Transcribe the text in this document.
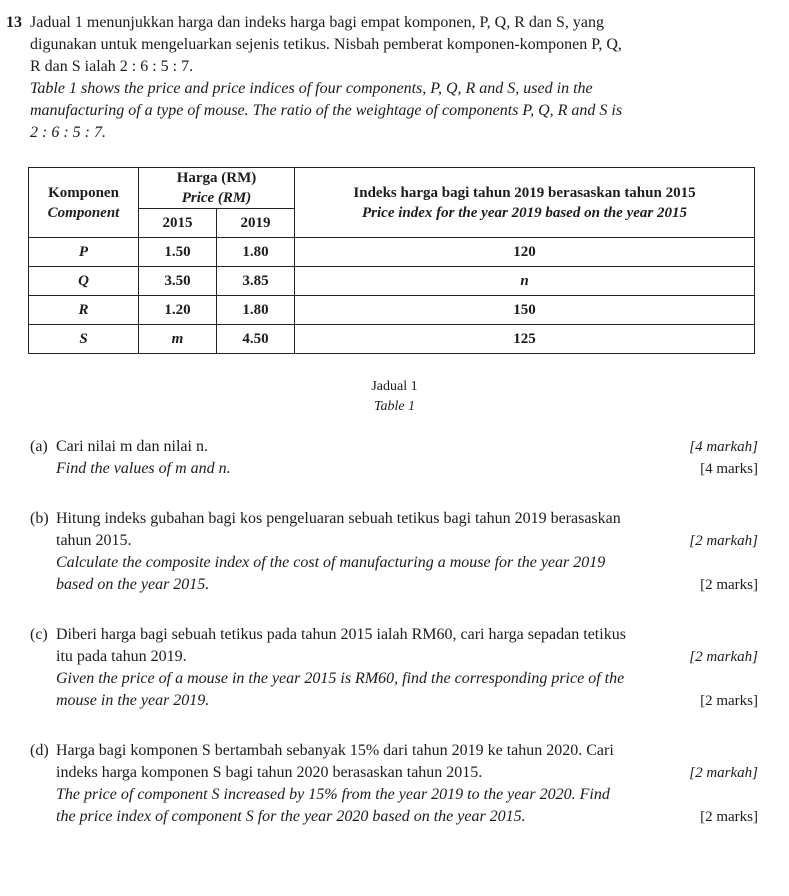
13 Jadual 1 menunjukkan harga dan indeks harga bagi empat komponen, P, Q, R dan S, yang

digunakan untuk mengeluarkan sejenis tetikus. Nisbah pemberat komponen-komponen P, Q,

R dan S ialah 2 : 6 : 5 : 7.

Table 1 shows the price and price indices of four components, P, Q, R and S, used in the

manufacturing of a type of mouse. The ratio of the weightage of components P, Q, R and S is

2 : 6 : 5 : 7.

Komponen
Component	Harga (RM)
Price (RM)		Indeks harga bagi tahun 2019 berasaskan tahun 2015
Price index for the year 2019 based on the year 2015

	2015	2019	
P	1.50	1.80	120
Q	3.50	3.85	n
R	1.20	1.80	150
S	m	4.50	125
Jadual 1
Table 1
(a) Cari nilai m dan nilai n.	[4 markah]
Find the values of m and n.	[4 marks]
(b) Hitung indeks gubahan bagi kos pengeluaran sebuah tetikus bagi tahun 2019 berasaskan
tahun 2015.	[2 markah]
Calculate the composite index of the cost of manufacturing a mouse for the year 2019
based on the year 2015.	[2 marks]
(c) Diberi harga bagi sebuah tetikus pada tahun 2015 ialah RM60, cari harga sepadan tetikus
itu pada tahun 2019.	[2 markah]
Given the price of a mouse in the year 2015 is RM60, find the corresponding price of the
mouse in the year 2019.	[2 marks]
(d) Harga bagi komponen S bertambah sebanyak 15% dari tahun 2019 ke tahun 2020. Cari
indeks harga komponen S bagi tahun 2020 berasaskan tahun 2015.	[2 markah]
The price of component S increased by 15% from the year 2019 to the year 2020. Find
the price index of component S for the year 2020 based on the year 2015.	[2 marks]
